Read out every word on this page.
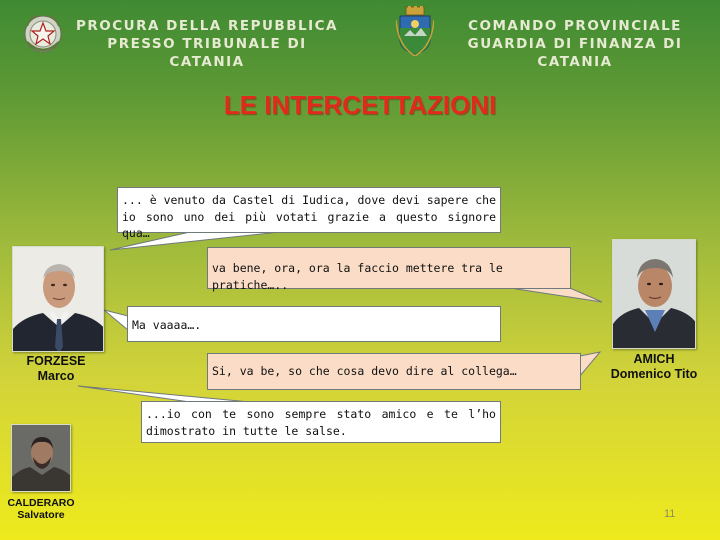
PROCURA DELLA REPUBBLICA
PRESSO TRIBUNALE DI CATANIA
COMANDO PROVINCIALE
GUARDIA DI FINANZA DI CATANIA
LE INTERCETTAZIONI
... è venuto da Castel di Iudica, dove devi sapere che io sono uno dei più votati grazie a questo signore qua…
va bene, ora, ora la faccio mettere tra le pratiche…..
Ma vaaaa….
Si, va be, so che cosa devo dire al collega…
...io con te sono sempre stato amico e te l’ho dimostrato in tutte le salse.
FORZESE
Marco
AMICH
Domenico Tito
CALDERARO
Salvatore	11
